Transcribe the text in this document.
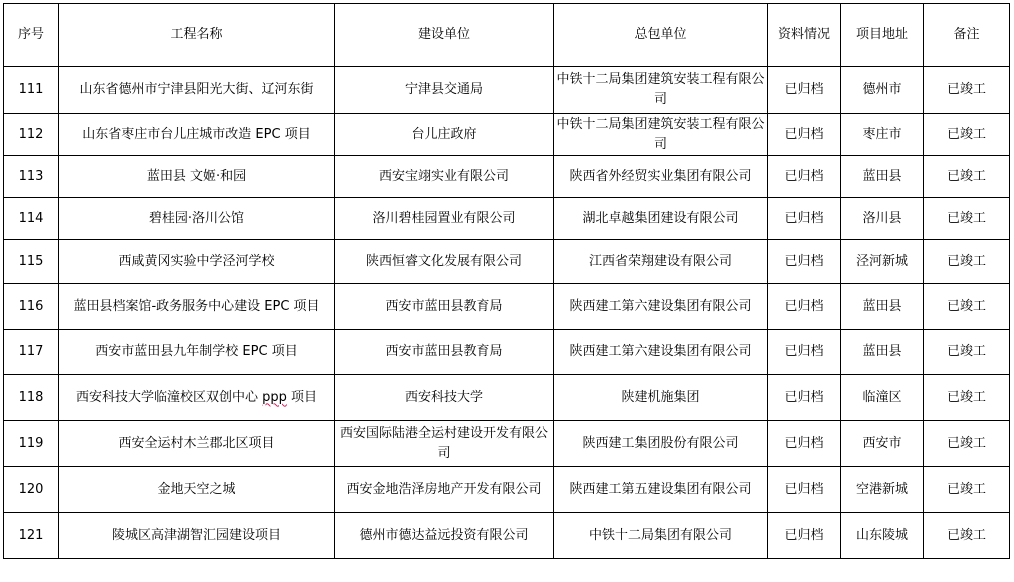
序号	工程名称	建设单位	总包单位	资料情况	项目地址	备注
111	山东省德州市宁津县阳光大街、辽河东街	宁津县交通局	中铁十二局集团建筑安装工程有限公司	已归档	德州市	已竣工
112	山东省枣庄市台儿庄城市改造 EPC 项目	台儿庄政府	中铁十二局集团建筑安装工程有限公司	已归档	枣庄市	已竣工
113	蓝田县 文姬·和园	西安宝翊实业有限公司	陕西省外经贸实业集团有限公司	已归档	蓝田县	已竣工
114	碧桂园·洛川公馆	洛川碧桂园置业有限公司	湖北卓越集团建设有限公司	已归档	洛川县	已竣工
115	西咸黄冈实验中学泾河学校	陕西恒睿文化发展有限公司	江西省荣翔建设有限公司	已归档	泾河新城	已竣工
116	蓝田县档案馆-政务服务中心建设 EPC 项目	西安市蓝田县教育局	陕西建工第六建设集团有限公司	已归档	蓝田县	已竣工
117	西安市蓝田县九年制学校 EPC 项目	西安市蓝田县教育局	陕西建工第六建设集团有限公司	已归档	蓝田县	已竣工
118	西安科技大学临潼校区双创中心 ppp 项目	西安科技大学	陕建机施集团	已归档	临潼区	已竣工
119	西安全运村木兰郡北区项目	西安国际陆港全运村建设开发有限公司	陕西建工集团股份有限公司	已归档	西安市	已竣工
120	金地天空之城	西安金地浩泽房地产开发有限公司	陕西建工第五建设集团有限公司	已归档	空港新城	已竣工
121	陵城区高津湖智汇园建设项目	德州市德达益远投资有限公司	中铁十二局集团有限公司	已归档	山东陵城	已竣工
